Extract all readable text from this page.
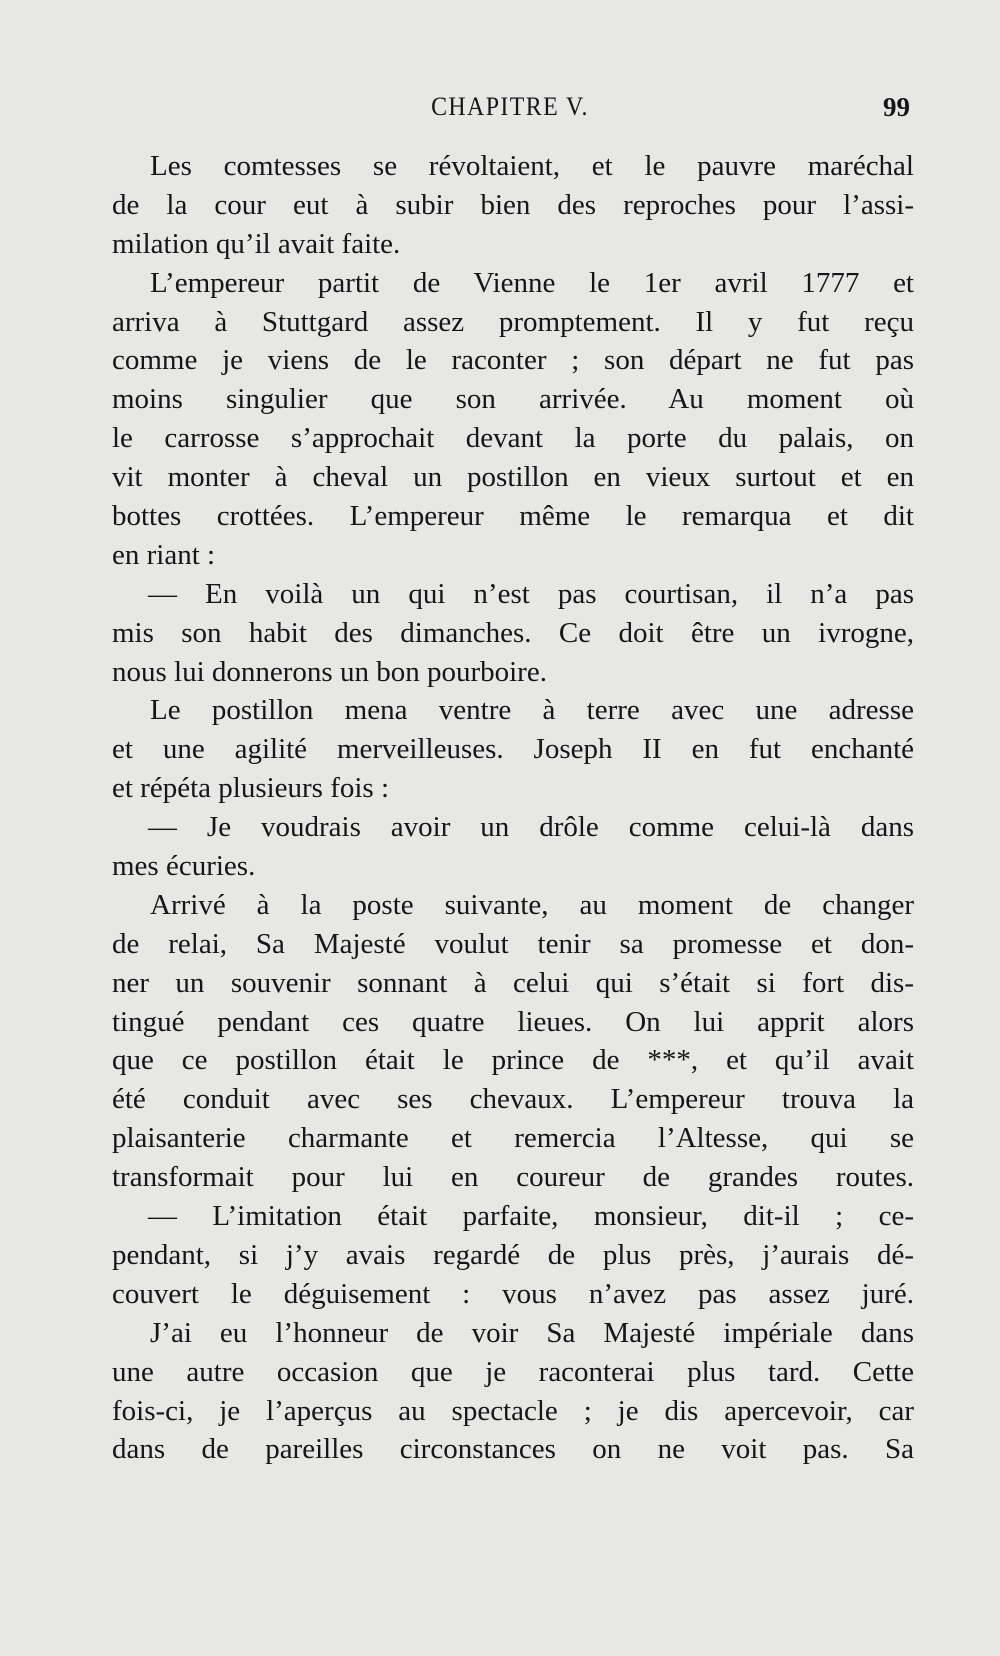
CHAPITRE V.	99
Les comtesses se révoltaient, et le pauvre maréchal
de la cour eut à subir bien des reproches pour l’assi-
milation qu’il avait faite.
L’empereur partit de Vienne le 1er avril 1777 et
arriva à Stuttgard assez promptement. Il y fut reçu
comme je viens de le raconter ; son départ ne fut pas
moins singulier que son arrivée. Au moment où
le carrosse s’approchait devant la porte du palais, on
vit monter à cheval un postillon en vieux surtout et en
bottes crottées. L’empereur même le remarqua et dit
en riant :
— En voilà un qui n’est pas courtisan, il n’a pas
mis son habit des dimanches. Ce doit être un ivrogne,
nous lui donnerons un bon pourboire.
Le postillon mena ventre à terre avec une adresse
et une agilité merveilleuses. Joseph II en fut enchanté
et répéta plusieurs fois :
— Je voudrais avoir un drôle comme celui-là dans
mes écuries.
Arrivé à la poste suivante, au moment de changer
de relai, Sa Majesté voulut tenir sa promesse et don-
ner un souvenir sonnant à celui qui s’était si fort dis-
tingué pendant ces quatre lieues. On lui apprit alors
que ce postillon était le prince de ***, et qu’il avait
été conduit avec ses chevaux. L’empereur trouva la
plaisanterie charmante et remercia l’Altesse, qui se
transformait pour lui en coureur de grandes routes.
— L’imitation était parfaite, monsieur, dit-il ; ce-
pendant, si j’y avais regardé de plus près, j’aurais dé-
couvert le déguisement : vous n’avez pas assez juré.
J’ai eu l’honneur de voir Sa Majesté impériale dans
une autre occasion que je raconterai plus tard. Cette
fois-ci, je l’aperçus au spectacle ; je dis apercevoir, car
dans de pareilles circonstances on ne voit pas. Sa
